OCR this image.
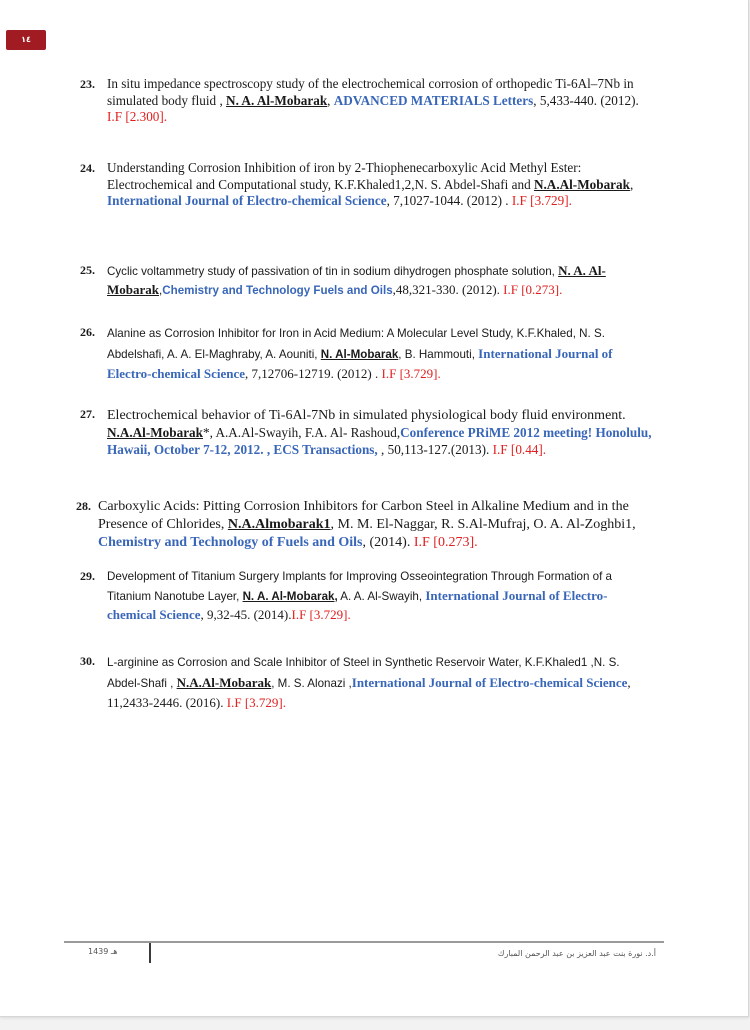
١٤
23. In situ impedance spectroscopy study of the electrochemical corrosion of orthopedic Ti-6Al–7Nb in simulated body fluid , N. A. Al-Mobarak, ADVANCED MATERIALS Letters, 5,433-440. (2012). I.F [2.300].
24. Understanding Corrosion Inhibition of iron by 2-Thiophenecarboxylic Acid Methyl Ester: Electrochemical and Computational study, K.F.Khaled1,2,N. S. Abdel-Shafi and N.A.Al-Mobarak, International Journal of Electro-chemical Science, 7,1027-1044. (2012) . I.F [3.729].
25.	Cyclic voltammetry study of passivation of tin in sodium dihydrogen phosphate solution, N. A. Al-Mobarak,Chemistry and Technology Fuels and Oils,48,321-330. (2012). I.F [0.273].
26.	Alanine as Corrosion Inhibitor for Iron in Acid Medium: A Molecular Level Study, K.F.Khaled, N. S. Abdelshafi, A. A. El-Maghraby, A. Aouniti, N. Al-Mobarak, B. Hammouti, International Journal of Electro-chemical Science, 7,12706-12719. (2012) . I.F [3.729].
27. Electrochemical behavior of Ti-6Al-7Nb in simulated physiological body fluid environment. N.A.Al-Mobarak*, A.A.Al-Swayih, F.A. Al- Rashoud,Conference PRiME 2012 meeting! Honolulu, Hawaii, October 7-12, 2012. , ECS Transactions, , 50,113-127.(2013). I.F [0.44].
28. Carboxylic Acids: Pitting Corrosion Inhibitors for Carbon Steel in Alkaline Medium and in the Presence of Chlorides, N.A.Almobarak1, M. M. El-Naggar, R. S.Al-Mufraj, O. A. Al-Zoghbi1, Chemistry and Technology of Fuels and Oils, (2014). I.F [0.273].
29.	Development of Titanium Surgery Implants for Improving Osseointegration Through Formation of a Titanium Nanotube Layer, N. A. Al-Mobarak, A. A. Al-Swayih, International Journal of Electro-chemical Science, 9,32-45. (2014).I.F [3.729].
30.	L-arginine as Corrosion and Scale Inhibitor of Steel in Synthetic Reservoir Water, K.F.Khaled1 ,N. S. Abdel-Shafi , N.A.Al-Mobarak, M. S. Alonazi ,International Journal of Electro-chemical Science, 11,2433-2446. (2016). I.F [3.729].
1439 هـ	أ.د. نورة بنت عبد العزيز بن عبد الرحمن المبارك
